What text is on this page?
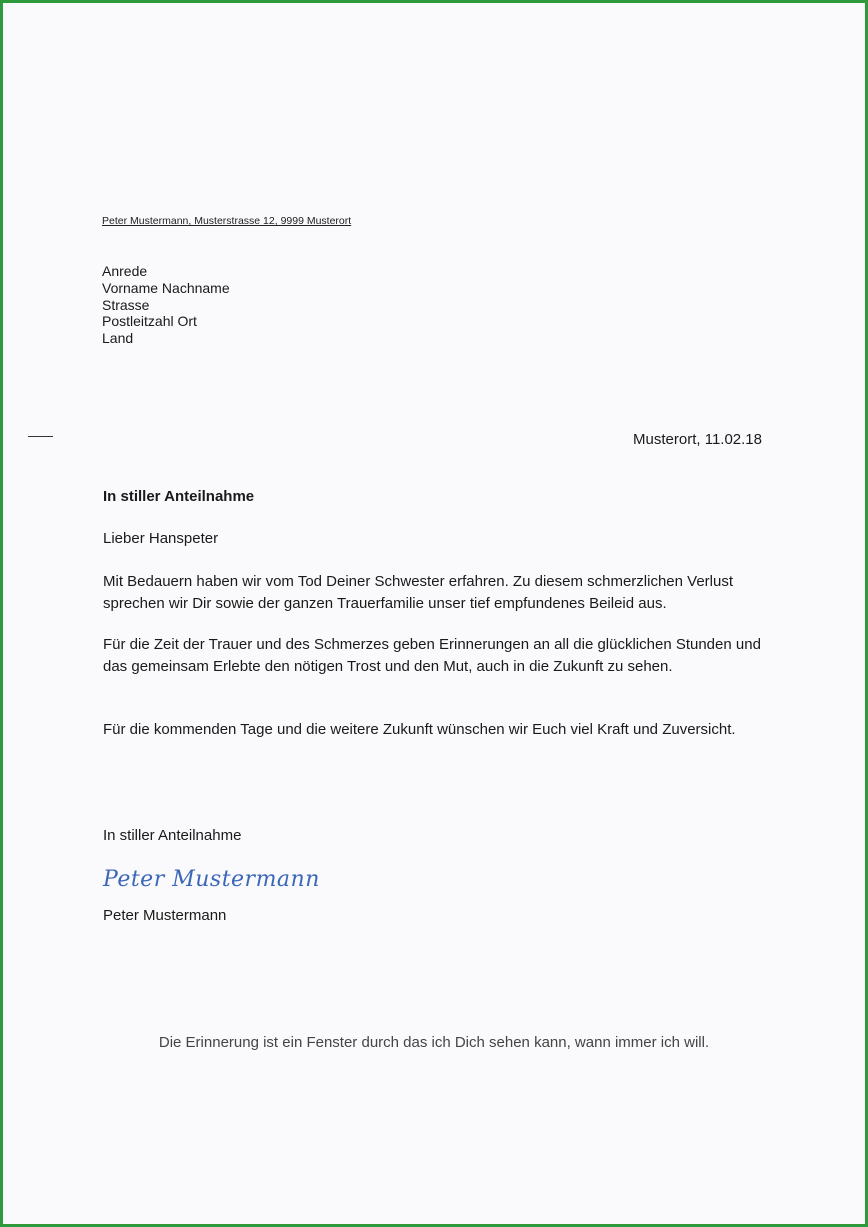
Peter Mustermann, Musterstrasse 12, 9999 Musterort
Anrede
Vorname Nachname
Strasse
Postleitzahl Ort
Land
Musterort, 11.02.18
In stiller Anteilnahme
Lieber Hanspeter
Mit Bedauern haben wir vom Tod Deiner Schwester erfahren. Zu diesem schmerzlichen Verlust sprechen wir Dir sowie der ganzen Trauerfamilie unser tief empfundenes Beileid aus.
Für die Zeit der Trauer und des Schmerzes geben Erinnerungen an all die glücklichen Stunden und das gemeinsam Erlebte den nötigen Trost und den Mut, auch in die Zukunft zu sehen.
Für die kommenden Tage und die weitere Zukunft wünschen wir Euch viel Kraft und Zuversicht.
In stiller Anteilnahme
Peter Mustermann
Peter Mustermann
Die Erinnerung ist ein Fenster durch das ich Dich sehen kann, wann immer ich will.
